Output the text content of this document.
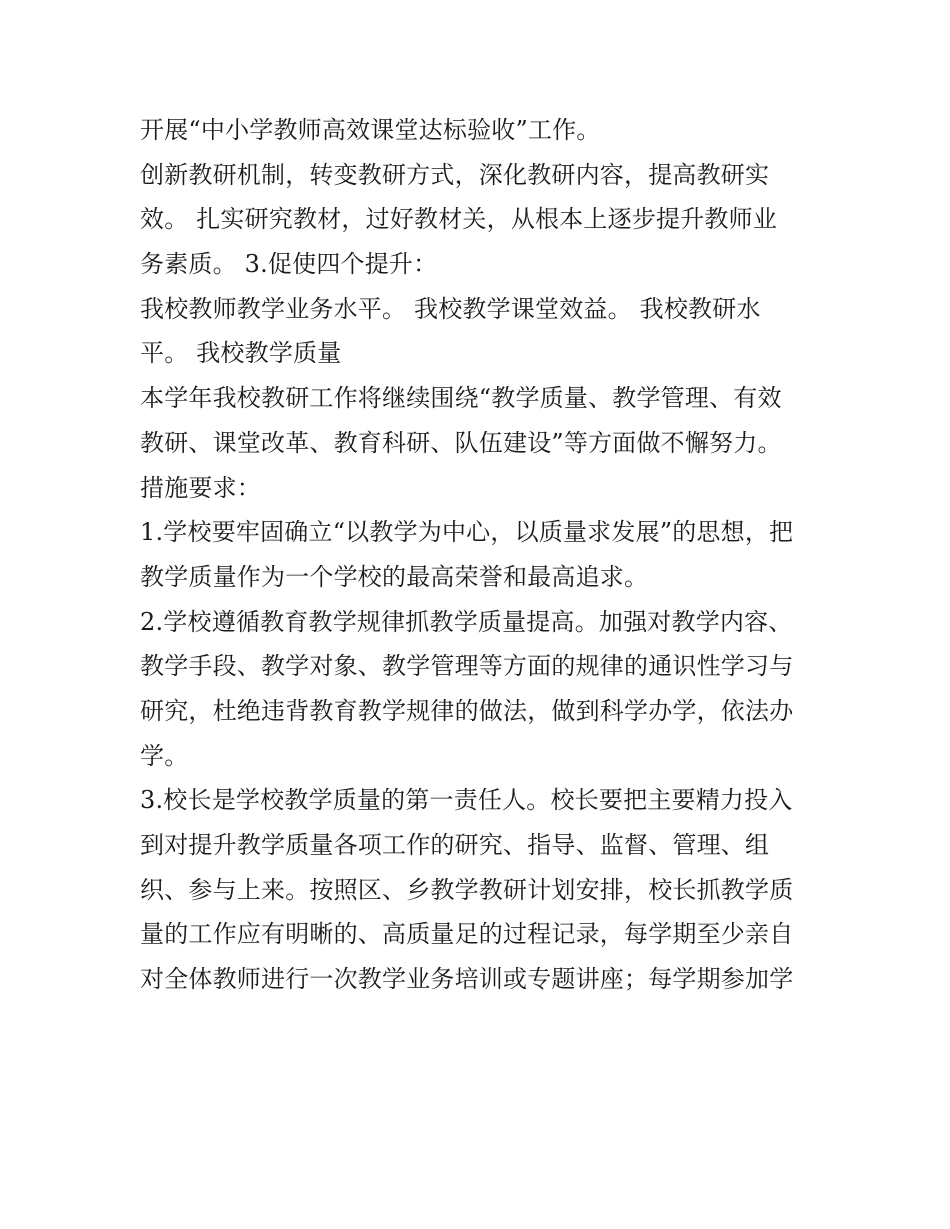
开展“中小学教师高效课堂达标验收”工作。
创新教研机制，转变教研方式，深化教研内容，提高教研实
效。 扎实研究教材，过好教材关，从根本上逐步提升教师业
务素质。 3.促使四个提升：
我校教师教学业务水平。 我校教学课堂效益。 我校教研水
平。 我校教学质量
本学年我校教研工作将继续围绕“教学质量、教学管理、有效
教研、课堂改革、教育科研、队伍建设”等方面做不懈努力。
措施要求：
1.学校要牢固确立“以教学为中心，以质量求发展”的思想，把
教学质量作为一个学校的最高荣誉和最高追求。
2.学校遵循教育教学规律抓教学质量提高。加强对教学内容、
教学手段、教学对象、教学管理等方面的规律的通识性学习与
研究，杜绝违背教育教学规律的做法，做到科学办学，依法办
学。
3.校长是学校教学质量的第一责任人。校长要把主要精力投入
到对提升教学质量各项工作的研究、指导、监督、管理、组
织、参与上来。按照区、乡教学教研计划安排，校长抓教学质
量的工作应有明晰的、高质量足的过程记录，每学期至少亲自
对全体教师进行一次教学业务培训或专题讲座；每学期参加学
